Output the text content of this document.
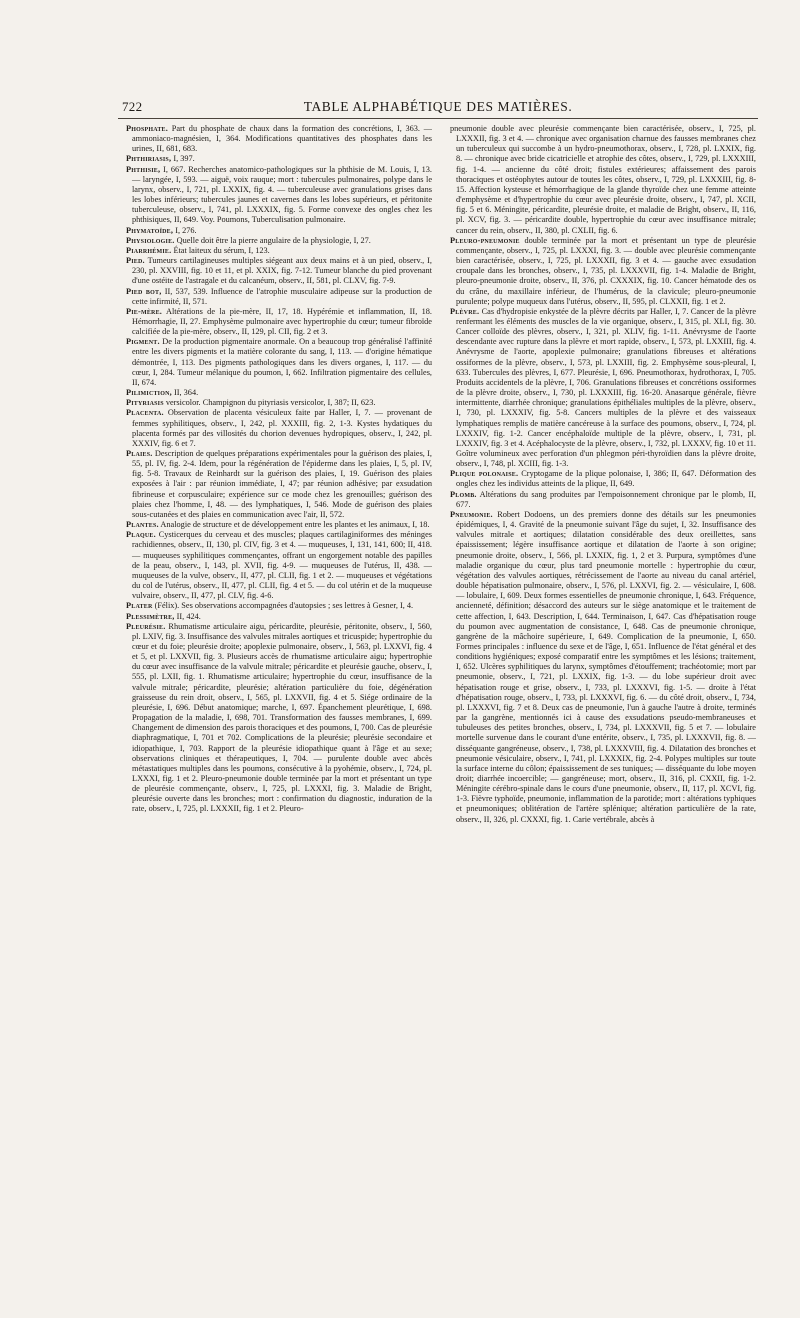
722	TABLE ALPHABÉTIQUE DES MATIÈRES.

Phosphate. Part du phosphate de chaux dans la formation des concrétions, I, 363. — ammoniaco-magnésien, I, 364. Modifications quantitatives des phosphates dans les urines, II, 681, 683.

Phthiriasis, I, 397.

Phthisie, I, 667. Recherches anatomico-pathologiques sur la phthisie de M. Louis, I, 13. — laryngée, I, 593. — aiguë, voix rauque; mort : tubercules pulmonaires, polype dans le larynx, observ., I, 721, pl. LXXIX, fig. 4. — tuberculeuse avec granulations grises dans les lobes inférieurs; tubercules jaunes et cavernes dans les lobes supérieurs, et péritonite tuberculeuse, observ., I, 741, pl. LXXXIX, fig. 5. Forme convexe des ongles chez les phthisiques, II, 649. Voy. Poumons, Tuberculisation pulmonaire.

Phymatoïde, I, 276.

Physiologie. Quelle doit être la pierre angulaire de la physiologie, I, 27.

Piarrhémie. État laiteux du sérum, I, 123.

Pied. Tumeurs cartilagineuses multiples siégeant aux deux mains et à un pied, observ., I, 230, pl. XXVIII, fig. 10 et 11, et pl. XXIX, fig. 7-12. Tumeur blanche du pied provenant d'une ostéite de l'astragale et du calcanéum, observ., II, 581, pl. CLXV, fig. 7-9.

Pied bot, II, 537, 539. Influence de l'atrophie musculaire adipeuse sur la production de cette infirmité, II, 571.

Pie-mère. Altérations de la pie-mère, II, 17, 18. Hypérémie et inflammation, II, 18. Hémorrhagie, II, 27. Emphysème pulmonaire avec hypertrophie du cœur; tumeur fibroïde calcifiée de la pie-mère, observ., II, 129, pl. CII, fig. 2 et 3.

Pigment. De la production pigmentaire anormale. On a beaucoup trop généralisé l'affinité entre les divers pigments et la matière colorante du sang, I, 113. — d'origine hématique démontrée, I, 113. Des pigments pathologiques dans les divers organes, I, 117. — du cœur, I, 284. Tumeur mélanique du poumon, I, 662. Infiltration pigmentaire des cellules, II, 674.

Pilimiction, II, 364.

Pityriasis versicolor. Champignon du pityriasis versicolor, I, 387; II, 623.

Placenta. Observation de placenta vésiculeux faite par Haller, I, 7. — provenant de femmes syphilitiques, observ., I, 242, pl. XXXIII, fig. 2, 1-3. Kystes hydatiques du placenta formés par des villosités du chorion devenues hydropiques, observ., I, 242, pl. XXXIV, fig. 6 et 7.

Plaies. Description de quelques préparations expérimentales pour la guérison des plaies, I, 55, pl. IV, fig. 2-4. Idem, pour la régénération de l'épiderme dans les plaies, I, 5, pl. IV, fig. 5-8. Travaux de Reinhardt sur la guérison des plaies, I, 19. Guérison des plaies exposées à l'air : par réunion immédiate, I, 47; par réunion adhésive; par exsudation fibrineuse et corpusculaire; expérience sur ce mode chez les grenouilles; guérison des plaies chez l'homme, I, 48. — des lymphatiques, I, 546. Mode de guérison des plaies sous-cutanées et des plaies en communication avec l'air, II, 572.

Plantes. Analogie de structure et de développement entre les plantes et les animaux, I, 18.

Plaque. Cysticerques du cerveau et des muscles; plaques cartilaginiformes des méninges rachidiennes, observ., II, 130, pl. CIV, fig. 3 et 4. — muqueuses, I, 131, 141, 600; II, 418. — muqueuses syphilitiques commençantes, offrant un engorgement notable des papilles de la peau, observ., I, 143, pl. XVII, fig. 4-9. — muqueuses de l'utérus, II, 438. — muqueuses de la vulve, observ., II, 477, pl. CLII, fig. 1 et 2. — muqueuses et végétations du col de l'utérus, observ., II, 477, pl. CLII, fig. 4 et 5. — du col utérin et de la muqueuse vulvaire, observ., II, 477, pl. CLV, fig. 4-6.

Plater (Félix). Ses observations accompagnées d'autopsies ; ses lettres à Gesner, I, 4.

Plessimètre, II, 424.

Pleurésie. Rhumatisme articulaire aigu, péricardite, pleurésie, péritonite, observ., I, 560, pl. LXIV, fig. 3. Insuffisance des valvules mitrales aortiques et tricuspide; hypertrophie du cœur et du foie; pleurésie droite; apoplexie pulmonaire, observ., I, 563, pl. LXXVI, fig. 4 et 5, et pl. LXXVII, fig. 3. Plusieurs accès de rhumatisme articulaire aigu; hypertrophie du cœur avec insuffisance de la valvule mitrale; péricardite et pleurésie gauche, observ., I, 555, pl. LXII, fig. 1. Rhumatisme articulaire; hypertrophie du cœur, insuffisance de la valvule mitrale; péricardite, pleurésie; altération particulière du foie, dégénération graisseuse du rein droit, observ., I, 565, pl. LXXVII, fig. 4 et 5. Siége ordinaire de la pleurésie, I, 696. Début anatomique; marche, I, 697. Épanchement pleurétique, I, 698. Propagation de la maladie, I, 698, 701. Transformation des fausses membranes, I, 699. Changement de dimension des parois thoraciques et des poumons, I, 700. Cas de pleurésie diaphragmatique, I, 701 et 702. Complications de la pleurésie; pleurésie secondaire et idiopathique, I, 703. Rapport de la pleurésie idiopathique quant à l'âge et au sexe; observations cliniques et thérapeutiques, I, 704. — purulente double avec abcès métastatiques multiples dans les poumons, consécutive à la pyohémie, observ., I, 724, pl. LXXXI, fig. 1 et 2. Pleuro-pneumonie double terminée par la mort et présentant un type de pleurésie commençante, observ., I, 725, pl. LXXXI, fig. 3. Maladie de Bright, pleurésie ouverte dans les bronches; mort : confirmation du diagnostic, induration de la rate, observ., I, 725, pl. LXXXII, fig. 1 et 2. Pleuro-

pneumonie double avec pleurésie commençante bien caractérisée, observ., I, 725, pl. LXXXII, fig. 3 et 4. — chronique avec organisation charnue des fausses membranes chez un tuberculeux qui succombe à un hydro-pneumothorax, observ., I, 728, pl. LXXIX, fig. 8. — chronique avec bride cicatricielle et atrophie des côtes, observ., I, 729, pl. LXXXIII, fig. 1-4. — ancienne du côté droit; fistules extérieures; affaissement des parois thoraciques et ostéophytes autour de toutes les côtes, observ., I, 729, pl. LXXXIII, fig. 8-15. Affection kysteuse et hémorrhagique de la glande thyroïde chez une femme atteinte d'emphysème et d'hypertrophie du cœur avec pleurésie droite, observ., I, 747, pl. XCII, fig. 5 et 6. Méningite, péricardite, pleurésie droite, et maladie de Bright, observ., II, 116, pl. XCV, fig. 3. — péricardite double, hypertrophie du cœur avec insuffisance mitrale; cancer du rein, observ., II, 380, pl. CXLII, fig. 6.

Pleuro-pneumonie double terminée par la mort et présentant un type de pleurésie commençante, observ., I, 725, pl. LXXXI, fig. 3. — double avec pleurésie commençante bien caractérisée, observ., I, 725, pl. LXXXII, fig. 3 et 4. — gauche avec exsudation croupale dans les bronches, observ., I, 735, pl. LXXXVII, fig. 1-4. Maladie de Bright, pleuro-pneumonie droite, observ., II, 376, pl. CXXXIX, fig. 10. Cancer hématode des os du crâne, du maxillaire inférieur, de l'humérus, de la clavicule; pleuro-pneumonie purulente; polype muqueux dans l'utérus, observ., II, 595, pl. CLXXII, fig. 1 et 2.

Plèvre. Cas d'hydropisie enkystée de la plèvre décrits par Haller, I, 7. Cancer de la plèvre renfermant les éléments des muscles de la vie organique, observ., I, 315, pl. XLI, fig. 30. Cancer colloïde des plèvres, observ., I, 321, pl. XLIV, fig. 1-11. Anévrysme de l'aorte descendante avec rupture dans la plèvre et mort rapide, observ., I, 573, pl. LXXIII, fig. 4. Anévrysme de l'aorte, apoplexie pulmonaire; granulations fibreuses et altérations ossiformes de la plèvre, observ., I, 573, pl. LXXIII, fig. 2. Emphysème sous-pleural, I, 633. Tubercules des plèvres, I, 677. Pleurésie, I, 696. Pneumothorax, hydrothorax, I, 705. Produits accidentels de la plèvre, I, 706. Granulations fibreuses et concrétions ossiformes de la plèvre droite, observ., I, 730, pl. LXXXIII, fig. 16-20. Anasarque générale, fièvre intermittente, diarrhée chronique; granulations épithéliales multiples de la plèvre, observ., I, 730, pl. LXXXIV, fig. 5-8. Cancers multiples de la plèvre et des vaisseaux lymphatiques remplis de matière cancéreuse à la surface des poumons, observ., I, 724, pl. LXXXIV, fig. 1-2. Cancer encéphaloïde multiple de la plèvre, observ., I, 731, pl. LXXXIV, fig. 3 et 4. Acéphalocyste de la plèvre, observ., I, 732, pl. LXXXV, fig. 10 et 11. Goître volumineux avec perforation d'un phlegmon péri-thyroïdien dans la plèvre droite, observ., I, 748, pl. XCIII, fig. 1-3.

Plique polonaise. Cryptogame de la plique polonaise, I, 386; II, 647. Déformation des ongles chez les individus atteints de la plique, II, 649.

Plomb. Altérations du sang produites par l'empoisonnement chronique par le plomb, II, 677.

Pneumonie. Robert Dodoens, un des premiers donne des détails sur les pneumonies épidémiques, I, 4. Gravité de la pneumonie suivant l'âge du sujet, I, 32. Insuffisance des valvules mitrale et aortiques; dilatation considérable des deux oreillettes, sans épaississement; légère insuffisance aortique et dilatation de l'aorte à son origine; pneumonie droite, observ., I, 566, pl. LXXIX, fig. 1, 2 et 3. Purpura, symptômes d'une maladie organique du cœur, plus tard pneumonie mortelle : hypertrophie du cœur, végétation des valvules aortiques, rétrécissement de l'aorte au niveau du canal artériel, double hépatisation pulmonaire, observ., I, 576, pl. LXXVI, fig. 2. — vésiculaire, I, 608. — lobulaire, I, 609. Deux formes essentielles de pneumonie chronique, I, 643. Fréquence, ancienneté, définition; désaccord des auteurs sur le siège anatomique et le traitement de cette affection, I, 643. Description, I, 644. Terminaison, I, 647. Cas d'hépatisation rouge du poumon avec augmentation de consistance, I, 648. Cas de pneumonie chronique, gangrène de la mâchoire supérieure, I, 649. Complication de la pneumonie, I, 650. Formes principales : influence du sexe et de l'âge, I, 651. Influence de l'état général et des conditions hygiéniques; exposé comparatif entre les symptômes et les lésions; traitement, I, 652. Ulcères syphilitiques du larynx, symptômes d'étouffement; trachéotomie; mort par pneumonie, observ., I, 721, pl. LXXIX, fig. 1-3. — du lobe supérieur droit avec hépatisation rouge et grise, observ., I, 733, pl. LXXXVI, fig. 1-5. — droite à l'état d'hépatisation rouge, observ., I, 733, pl. LXXXVI, fig. 6. — du côté droit, observ., I, 734, pl. LXXXVI, fig. 7 et 8. Deux cas de pneumonie, l'un à gauche l'autre à droite, terminés par la gangrène, mentionnés ici à cause des exsudations pseudo-membraneuses et tubuleuses des petites bronches, observ., I, 734, pl. LXXXVII, fig. 5 et 7. — lobulaire mortelle survenue dans le courant d'une entérite, observ., I, 735, pl. LXXXVII, fig. 8. — disséquante gangréneuse, observ., I, 738, pl. LXXXVIII, fig. 4. Dilatation des bronches et pneumonie vésiculaire, observ., I, 741, pl. LXXXIX, fig. 2-4. Polypes multiples sur toute la surface interne du côlon; épaississement de ses tuniques; — disséquante du lobe moyen droit; diarrhée incoercible; — gangréneuse; mort, observ., II, 316, pl. CXXII, fig. 1-2. Méningite cérébro-spinale dans le cours d'une pneumonie, observ., II, 117, pl. XCVI, fig. 1-3. Fièvre typhoïde, pneumonie, inflammation de la parotide; mort : altérations typhiques et pneumoniques; oblitération de l'artère splénique; altération particulière de la rate, observ., II, 326, pl. CXXXI, fig. 1. Carie vertébrale, abcès à
